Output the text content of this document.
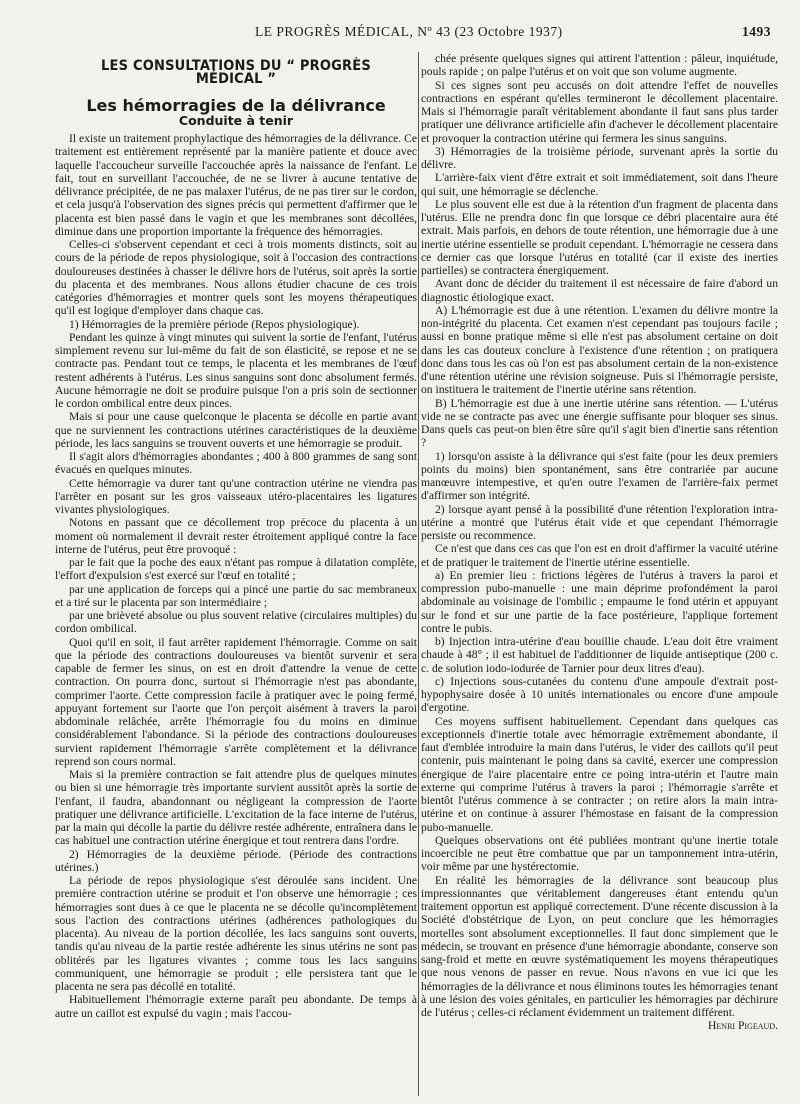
LE PROGRÈS MÉDICAL, Nº 43 (23 Octobre 1937)	1493
LES CONSULTATIONS DU “ PROGRÈS MÉDICAL ”
Les hémorragies de la délivrance
Conduite à tenir

Il existe un traitement prophylactique des hémorragies de la délivrance. Ce traitement est entièrement représenté par la manière patiente et douce avec laquelle l'accoucheur surveille l'accouchée après la naissance de l'enfant. Le fait, tout en surveillant l'accouchée, de ne se livrer à aucune tentative de délivrance précipitée, de ne pas malaxer l'utérus, de ne pas tirer sur le cordon, et cela jusqu'à l'observation des signes précis qui permettent d'affirmer que le placenta est bien passé dans le vagin et que les membranes sont décollées, diminue dans une proportion importante la fréquence des hémorragies.

Celles-ci s'observent cependant et ceci à trois moments distincts, soit au cours de la période de repos physiologique, soit à l'occasion des contractions douloureuses destinées à chasser le délivre hors de l'utérus, soit après la sortie du placenta et des membranes. Nous allons étudier chacune de ces trois catégories d'hémorragies et montrer quels sont les moyens thérapeutiques qu'il est logique d'employer dans chaque cas.

1) Hémorragies de la première période (Repos physiologique).

Pendant les quinze à vingt minutes qui suivent la sortie de l'enfant, l'utérus simplement revenu sur lui-même du fait de son élasticité, se repose et ne se contracte pas. Pendant tout ce temps, le placenta et les membranes de l'œuf restent adhérents à l'utérus. Les sinus sanguins sont donc absolument fermés. Aucune hémorragie ne doit se produire puisque l'on a pris soin de sectionner le cordon ombilical entre deux pinces.

Mais si pour une cause quelconque le placenta se décolle en partie avant que ne surviennent les contractions utérines caractéristiques de la deuxième période, les lacs sanguins se trouvent ouverts et une hémorragie se produit.

Il s'agit alors d'hémorragies abondantes ; 400 à 800 grammes de sang sont évacués en quelques minutes.

Cette hémorragie va durer tant qu'une contraction utérine ne viendra pas l'arrêter en posant sur les gros vaisseaux utéro-placentaires les ligatures vivantes physiologiques.

Notons en passant que ce décollement trop précoce du placenta à un moment où normalement il devrait rester étroitement appliqué contre la face interne de l'utérus, peut être provoqué :

par le fait que la poche des eaux n'étant pas rompue à dilatation complète, l'effort d'expulsion s'est exercé sur l'œuf en totalité ;

par une application de forceps qui a pincé une partie du sac membraneux et a tiré sur le placenta par son intermédiaire ;

par une brièveté absolue ou plus souvent relative (circulaires multiples) du cordon ombilical.

Quoi qu'il en soit, il faut arrêter rapidement l'hémorragie. Comme on sait que la période des contractions douloureuses va bientôt survenir et sera capable de fermer les sinus, on est en droit d'attendre la venue de cette contraction. On pourra donc, surtout si l'hémorragie n'est pas abondante, comprimer l'aorte. Cette compression facile à pratiquer avec le poing fermé, appuyant fortement sur l'aorte que l'on perçoit aisément à travers la paroi abdominale relâchée, arrête l'hémorragie fou du moins en diminue considérablement l'abondance. Si la période des contractions douloureuses survient rapidement l'hémorragie s'arrête complètement et la délivrance reprend son cours normal.

Mais si la première contraction se fait attendre plus de quelques minutes ou bien si une hémorragie très importante survient aussitôt après la sortie de l'enfant, il faudra, abandonnant ou négligeant la compression de l'aorte pratiquer une délivrance artificielle. L'excitation de la face interne de l'utérus, par la main qui décolle la partie du délivre restée adhérente, entraînera dans le cas habituel une contraction utérine énergique et tout rentrera dans l'ordre.

2) Hémorragies de la deuxième période. (Période des contractions utérines.)

La période de repos physiologique s'est déroulée sans incident. Une première contraction utérine se produit et l'on observe une hémorragie ; ces hémorragies sont dues à ce que le placenta ne se décolle qu'incomplètement sous l'action des contractions utérines (adhérences pathologiques du placenta). Au niveau de la portion décollée, les lacs sanguins sont ouverts, tandis qu'au niveau de la partie restée adhérente les sinus utérins ne sont pas oblitérés par les ligatures vivantes ; comme tous les lacs sanguins communiquent, une hémorragie se produit ; elle persistera tant que le placenta ne sera pas décollé en totalité.

Habituellement l'hémorragie externe paraît peu abondante. De temps à autre un caillot est expulsé du vagin ; mais l'accou-

chée présente quelques signes qui attirent l'attention : pâleur, inquiétude, pouls rapide ; on palpe l'utérus et on voit que son volume augmente.

Si ces signes sont peu accusés on doit attendre l'effet de nouvelles contractions en espérant qu'elles termineront le décollement placentaire. Mais si l'hémorragie paraît véritablement abondante il faut sans plus tarder pratiquer une délivrance artificielle afin d'achever le décollement placentaire et provoquer la contraction utérine qui fermera les sinus sanguins.

3) Hémorragies de la troisième période, survenant après la sortie du délivre.

L'arrière-faix vient d'être extrait et soit immédiatement, soit dans l'heure qui suit, une hémorragie se déclenche.

Le plus souvent elle est due à la rétention d'un fragment de placenta dans l'utérus. Elle ne prendra donc fin que lorsque ce débri placentaire aura été extrait. Mais parfois, en dehors de toute rétention, une hémorragie due à une inertie utérine essentielle se produit cependant. L'hémorragie ne cessera dans ce dernier cas que lorsque l'utérus en totalité (car il existe des inerties partielles) se contractera énergiquement.

Avant donc de décider du traitement il est nécessaire de faire d'abord un diagnostic étiologique exact.

A) L'hémorragie est due à une rétention. L'examen du délivre montre la non-intégrité du placenta. Cet examen n'est cependant pas toujours facile ; aussi en bonne pratique même si elle n'est pas absolument certaine on doit dans les cas douteux conclure à l'existence d'une rétention ; on pratiquera donc dans tous les cas où l'on est pas absolument certain de la non-existence d'une rétention utérine une révision soigneuse. Puis si l'hémorragie persiste, on instituera le traitement de l'inertie utérine sans rétention.

B) L'hémorragie est due à une inertie utérine sans rétention. — L'utérus vide ne se contracte pas avec une énergie suffisante pour bloquer ses sinus. Dans quels cas peut-on bien être sûre qu'il s'agit bien d'inertie sans rétention ?

1) lorsqu'on assiste à la délivrance qui s'est faite (pour les deux premiers points du moins) bien spontanément, sans être contrariée par aucune manœuvre intempestive, et qu'en outre l'examen de l'arrière-faix permet d'affirmer son intégrité.

2) lorsque ayant pensé à la possibilité d'une rétention l'exploration intra-utérine a montré que l'utérus était vide et que cependant l'hémorragie persiste ou recommence.

Ce n'est que dans ces cas que l'on est en droit d'affirmer la vacuité utérine et de pratiquer le traitement de l'inertie utérine essentielle.

a) En premier lieu : frictions légères de l'utérus à travers la paroi et compression pubo-manuelle : une main déprime profondément la paroi abdominale au voisinage de l'ombilic ; empaume le fond utérin et appuyant sur le fond et sur une partie de la face postérieure, l'applique fortement contre le pubis.

b) Injection intra-utérine d'eau bouillie chaude. L'eau doit être vraiment chaude à 48° ; il est habituel de l'additionner de liquide antiseptique (200 c. c. de solution iodo-iodurée de Tarnier pour deux litres d'eau).

c) Injections sous-cutanées du contenu d'une ampoule d'extrait post-hypophysaire dosée à 10 unités internationales ou encore d'une ampoule d'ergotine.

Ces moyens suffisent habituellement. Cependant dans quelques cas exceptionnels d'inertie totale avec hémorragie extrêmement abondante, il faut d'emblée introduire la main dans l'utérus, le vider des caillots qu'il peut contenir, puis maintenant le poing dans sa cavité, exercer une compression énergique de l'aire placentaire entre ce poing intra-utérin et l'autre main externe qui comprime l'utérus à travers la paroi ; l'hémorragie s'arrête et bientôt l'utérus commence à se contracter ; on retire alors la main intra-utérine et on continue à assurer l'hémostase en faisant de la compression pubo-manuelle.

Quelques observations ont été publiées montrant qu'une inertie totale incoercible ne peut être combattue que par un tamponnement intra-utérin, voir même par une hystérectomie.

En réalité les hémorragies de la délivrance sont beaucoup plus impressionnantes que véritablement dangereuses étant entendu qu'un traitement opportun est appliqué correctement. D'une récente discussion à la Société d'obstétrique de Lyon, on peut conclure que les hémorragies mortelles sont absolument exceptionnelles. Il faut donc simplement que le médecin, se trouvant en présence d'une hémorragie abondante, conserve son sang-froid et mette en œuvre systématiquement les moyens thérapeutiques que nous venons de passer en revue. Nous n'avons en vue ici que les hémorragies de la délivrance et nous éliminons toutes les hémorragies tenant à une lésion des voies génitales, en particulier les hémorragies par déchirure de l'utérus ; celles-ci réclament évidemment un traitement différent.

Henri Pigeaud.
